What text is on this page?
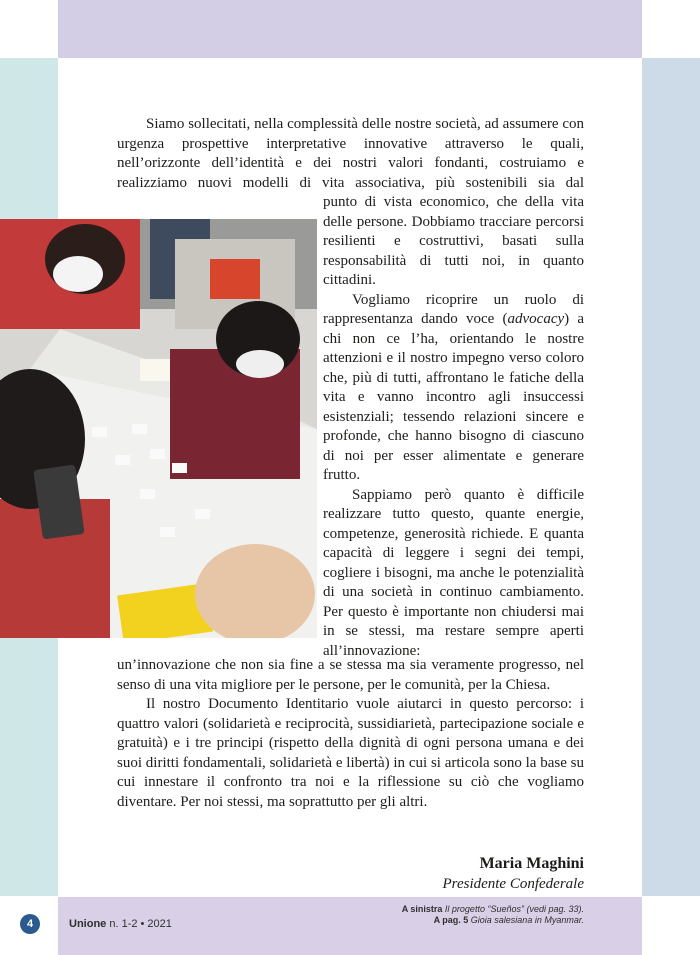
Siamo sollecitati, nella complessità delle nostre società, ad assumere con urgenza prospettive interpretative innovative attraverso le quali, nell’orizzonte dell’identità e dei nostri valori fondanti, costruiamo e realizziamo nuovi modelli di vita associativa, più sostenibili sia dal

punto di vista economico, che della vita delle persone. Dobbiamo tracciare percorsi resilienti e costruttivi, basati sulla responsabilità di tutti noi, in quanto cittadini.

Vogliamo ricoprire un ruolo di rappresentanza dando voce (advocacy) a chi non ce l’ha, orientando le nostre attenzioni e il nostro impegno verso coloro che, più di tutti, affrontano le fatiche della vita e vanno incontro agli insuccessi esistenziali; tessendo relazioni sincere e profonde, che hanno bisogno di ciascuno di noi per esser alimentate e generare frutto.

Sappiamo però quanto è difficile realizzare tutto questo, quante energie, competenze, generosità richiede. E quanta capacità di leggere i segni dei tempi, cogliere i bisogni, ma anche le potenzialità di una società in continuo cambiamento. Per questo è importante non chiudersi mai in se stessi, ma restare sempre aperti all’innovazione:

un’innovazione che non sia fine a se stessa ma sia veramente progresso, nel senso di una vita migliore per le persone, per le comunità, per la Chiesa.

Il nostro Documento Identitario vuole aiutarci in questo percorso: i quattro valori (solidarietà e reciprocità, sussidiarietà, partecipazione sociale e gratuità) e i tre principi (rispetto della dignità di ogni persona umana e dei suoi diritti fondamentali, solidarietà e libertà) in cui si articola sono la base su cui innestare il confronto tra noi e la riflessione su ciò che vogliamo diventare. Per noi stessi, ma soprattutto per gli altri.

Maria Maghini
Presidente Confederale
4	Unione n. 1-2 • 2021
A sinistra Il progetto “Sueños” (vedi pag. 33).
A pag. 5 Gioia salesiana in Myanmar.
